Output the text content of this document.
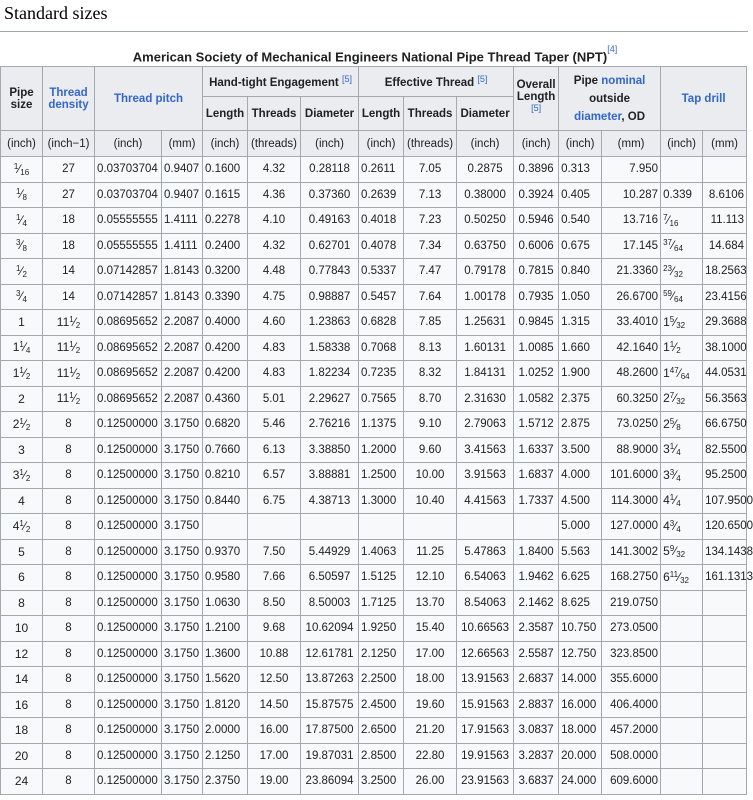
Standard sizes
American Society of Mechanical Engineers National Pipe Thread Taper (NPT)[4]
Pipe size	Thread density	Thread pitch		Hand-tight Engagement [5]			Effective Thread [5]			Overall Length [5]	Pipe nominal
outside
diameter, OD		Tap drill	
				Length	Threads	Diameter	Length	Threads	Diameter					
(inch)	(inch−1)	(inch)	(mm)	(inch)	(threads)	(inch)	(inch)	(threads)	(inch)	(inch)	(inch)	(mm)	(inch)	(mm)
$^1$⁄16	27	0.03703704	0.9407	0.1600	4.32	0.28118	0.2611	7.05	0.2875	0.3896	0.313	7.950		
$^1$⁄8	27	0.03703704	0.9407	0.1615	4.36	0.37360	0.2639	7.13	0.38000	0.3924	0.405	10.287	0.339	8.6106
$^1$⁄4	18	0.05555555	1.4111	0.2278	4.10	0.49163	0.4018	7.23	0.50250	0.5946	0.540	13.716	$^7$⁄16	11.113
$^3$⁄8	18	0.05555555	1.4111	0.2400	4.32	0.62701	0.4078	7.34	0.63750	0.6006	0.675	17.145	$^{37}$⁄64	14.684
$^1$⁄2	14	0.07142857	1.8143	0.3200	4.48	0.77843	0.5337	7.47	0.79178	0.7815	0.840	21.3360	$^{23}$⁄32	18.2563
$^3$⁄4	14	0.07142857	1.8143	0.3390	4.75	0.98887	0.5457	7.64	1.00178	0.7935	1.050	26.6700	$^{59}$⁄64	23.4156
1	$11^1⁄2$	0.08695652	2.2087	0.4000	4.60	1.23863	0.6828	7.85	1.25631	0.9845	1.315	33.4010	$1^5⁄32$	29.3688
$1^1⁄4$	$11^1⁄2$	0.08695652	2.2087	0.4200	4.83	1.58338	0.7068	8.13	1.60131	1.0085	1.660	42.1640	$1^1⁄2$	38.1000
$1^1⁄2$	$11^1⁄2$	0.08695652	2.2087	0.4200	4.83	1.82234	0.7235	8.32	1.84131	1.0252	1.900	48.2600	$1^{47}⁄64$	44.0531
2	$11^1⁄2$	0.08695652	2.2087	0.4360	5.01	2.29627	0.7565	8.70	2.31630	1.0582	2.375	60.3250	$2^7⁄32$	56.3563
$2^1⁄2$	8	0.12500000	3.1750	0.6820	5.46	2.76216	1.1375	9.10	2.79063	1.5712	2.875	73.0250	$2^5⁄8$	66.6750
3	8	0.12500000	3.1750	0.7660	6.13	3.38850	1.2000	9.60	3.41563	1.6337	3.500	88.9000	$3^1⁄4$	82.5500
$3^1⁄2$	8	0.12500000	3.1750	0.8210	6.57	3.88881	1.2500	10.00	3.91563	1.6837	4.000	101.6000	$3^3⁄4$	95.2500
4	8	0.12500000	3.1750	0.8440	6.75	4.38713	1.3000	10.40	4.41563	1.7337	4.500	114.3000	$4^1⁄4$	107.9500
$4^1⁄2$	8	0.12500000	3.1750								5.000	127.0000	$4^3⁄4$	120.6500
5	8	0.12500000	3.1750	0.9370	7.50	5.44929	1.4063	11.25	5.47863	1.8400	5.563	141.3002	$5^9⁄32$	134.1438
6	8	0.12500000	3.1750	0.9580	7.66	6.50597	1.5125	12.10	6.54063	1.9462	6.625	168.2750	$6^{11}⁄32$	161.1313
8	8	0.12500000	3.1750	1.0630	8.50	8.50003	1.7125	13.70	8.54063	2.1462	8.625	219.0750		
10	8	0.12500000	3.1750	1.2100	9.68	10.62094	1.9250	15.40	10.66563	2.3587	10.750	273.0500		
12	8	0.12500000	3.1750	1.3600	10.88	12.61781	2.1250	17.00	12.66563	2.5587	12.750	323.8500		
14	8	0.12500000	3.1750	1.5620	12.50	13.87263	2.2500	18.00	13.91563	2.6837	14.000	355.6000		
16	8	0.12500000	3.1750	1.8120	14.50	15.87575	2.4500	19.60	15.91563	2.8837	16.000	406.4000		
18	8	0.12500000	3.1750	2.0000	16.00	17.87500	2.6500	21.20	17.91563	3.0837	18.000	457.2000		
20	8	0.12500000	3.1750	2.1250	17.00	19.87031	2.8500	22.80	19.91563	3.2837	20.000	508.0000		
24	8	0.12500000	3.1750	2.3750	19.00	23.86094	3.2500	26.00	23.91563	3.6837	24.000	609.6000		
